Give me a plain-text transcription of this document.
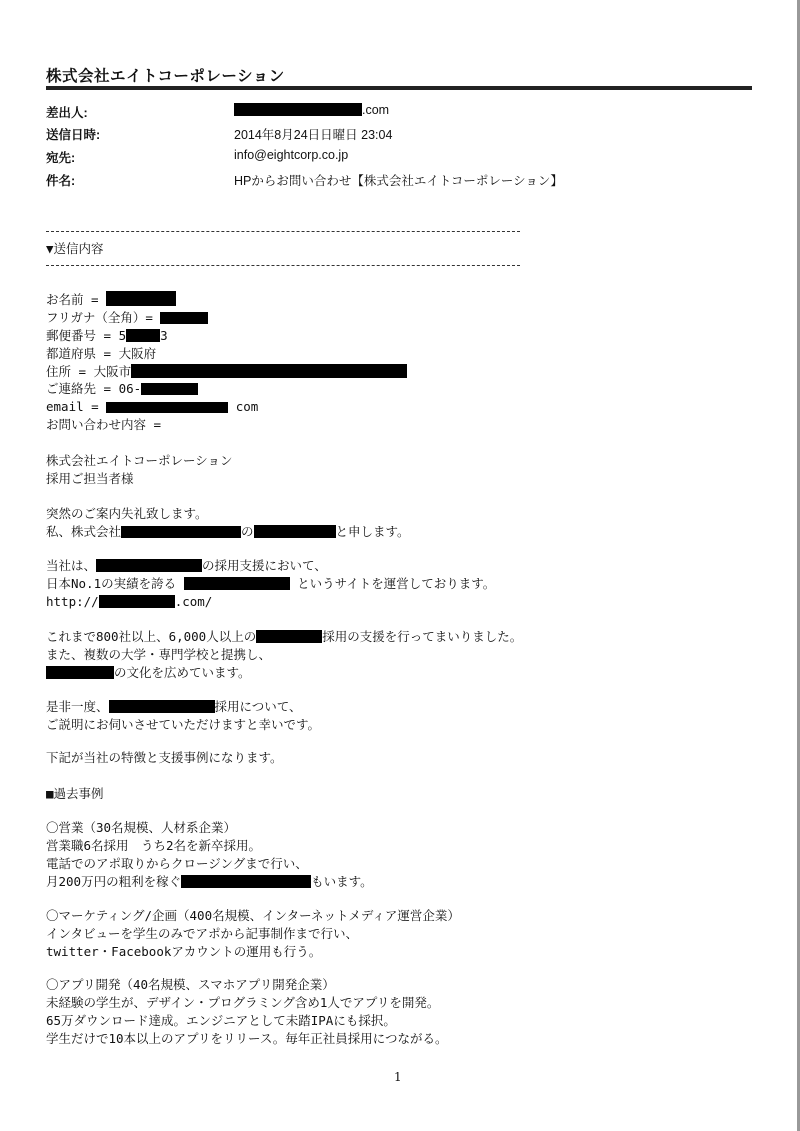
株式会社エイトコーポレーション
差出人:	.com
送信日時:	2014年8月24日日曜日 23:04
宛先:	info@eightcorp.co.jp
件名:	HPからお問い合わせ【株式会社エイトコーポレーション】
▼送信内容
お名前 =
フリガナ（全角）=
郵便番号 = 5	3
都道府県 = 大阪府
住所 = 大阪市
ご連絡先 = 06-
email =	com
お問い合わせ内容 =
株式会社エイトコーポレーション
採用ご担当者様
突然のご案内失礼致します。
私、株式会社	の	と申します。
当社は、	の採用支援において、
日本No.1の実績を誇る	というサイトを運営しております。
http://	.com/
これまで800社以上、6,000人以上の	採用の支援を行ってまいりました。
また、複数の大学・専門学校と提携し、
の文化を広めています。
是非一度、	採用について、
ご説明にお伺いさせていただけますと幸いです。
下記が当社の特徴と支援事例になります。
■過去事例
〇営業（30名規模、人材系企業）
営業職6名採用　うち2名を新卒採用。
電話でのアポ取りからクロージングまで行い、
月200万円の粗利を稼ぐ	もいます。
〇マーケティング/企画（400名規模、インターネットメディア運営企業）
インタビューを学生のみでアポから記事制作まで行い、
twitter・Facebookアカウントの運用も行う。
〇アプリ開発（40名規模、スマホアプリ開発企業）
未経験の学生が、デザイン・プログラミング含め1人でアプリを開発。
65万ダウンロード達成。エンジニアとして未踏IPAにも採択。
学生だけで10本以上のアプリをリリース。毎年正社員採用につながる。
1
